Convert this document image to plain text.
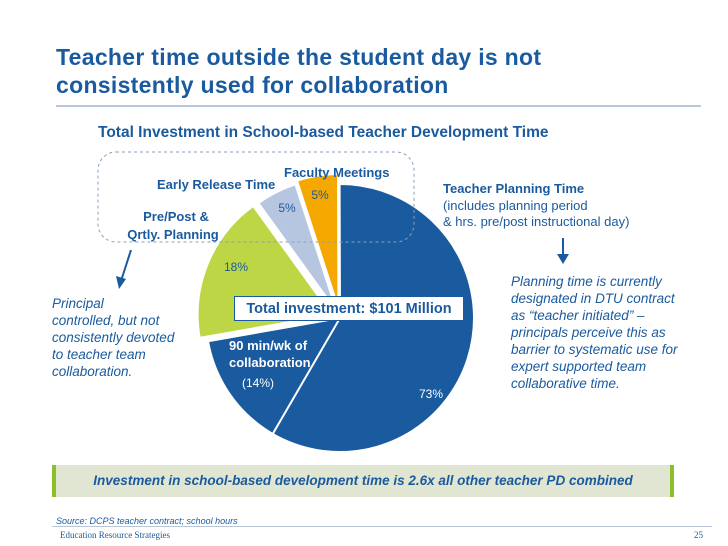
Teacher time outside the student day is not
consistently used for collaboration
Total Investment in School-based Teacher Development Time
Faculty Meetings
Early Release Time
Pre/Post &
Qrtly. Planning
Teacher Planning Time
(includes planning period
& hrs. pre/post instructional day)
5%
5%
18%
73%
90 min/wk of
collaboration
(14%)
Total investment: $101 Million
Principal
controlled, but not
consistently devoted
to teacher team
collaboration.
Planning time is currently
designated in DTU contract
as “teacher initiated” –
principals perceive this as
barrier to systematic use for
expert supported team
collaborative time.
Investment in school-based development time is 2.6x all other teacher PD combined
Source: DCPS teacher contract; school hours
Education Resource Strategies	25
